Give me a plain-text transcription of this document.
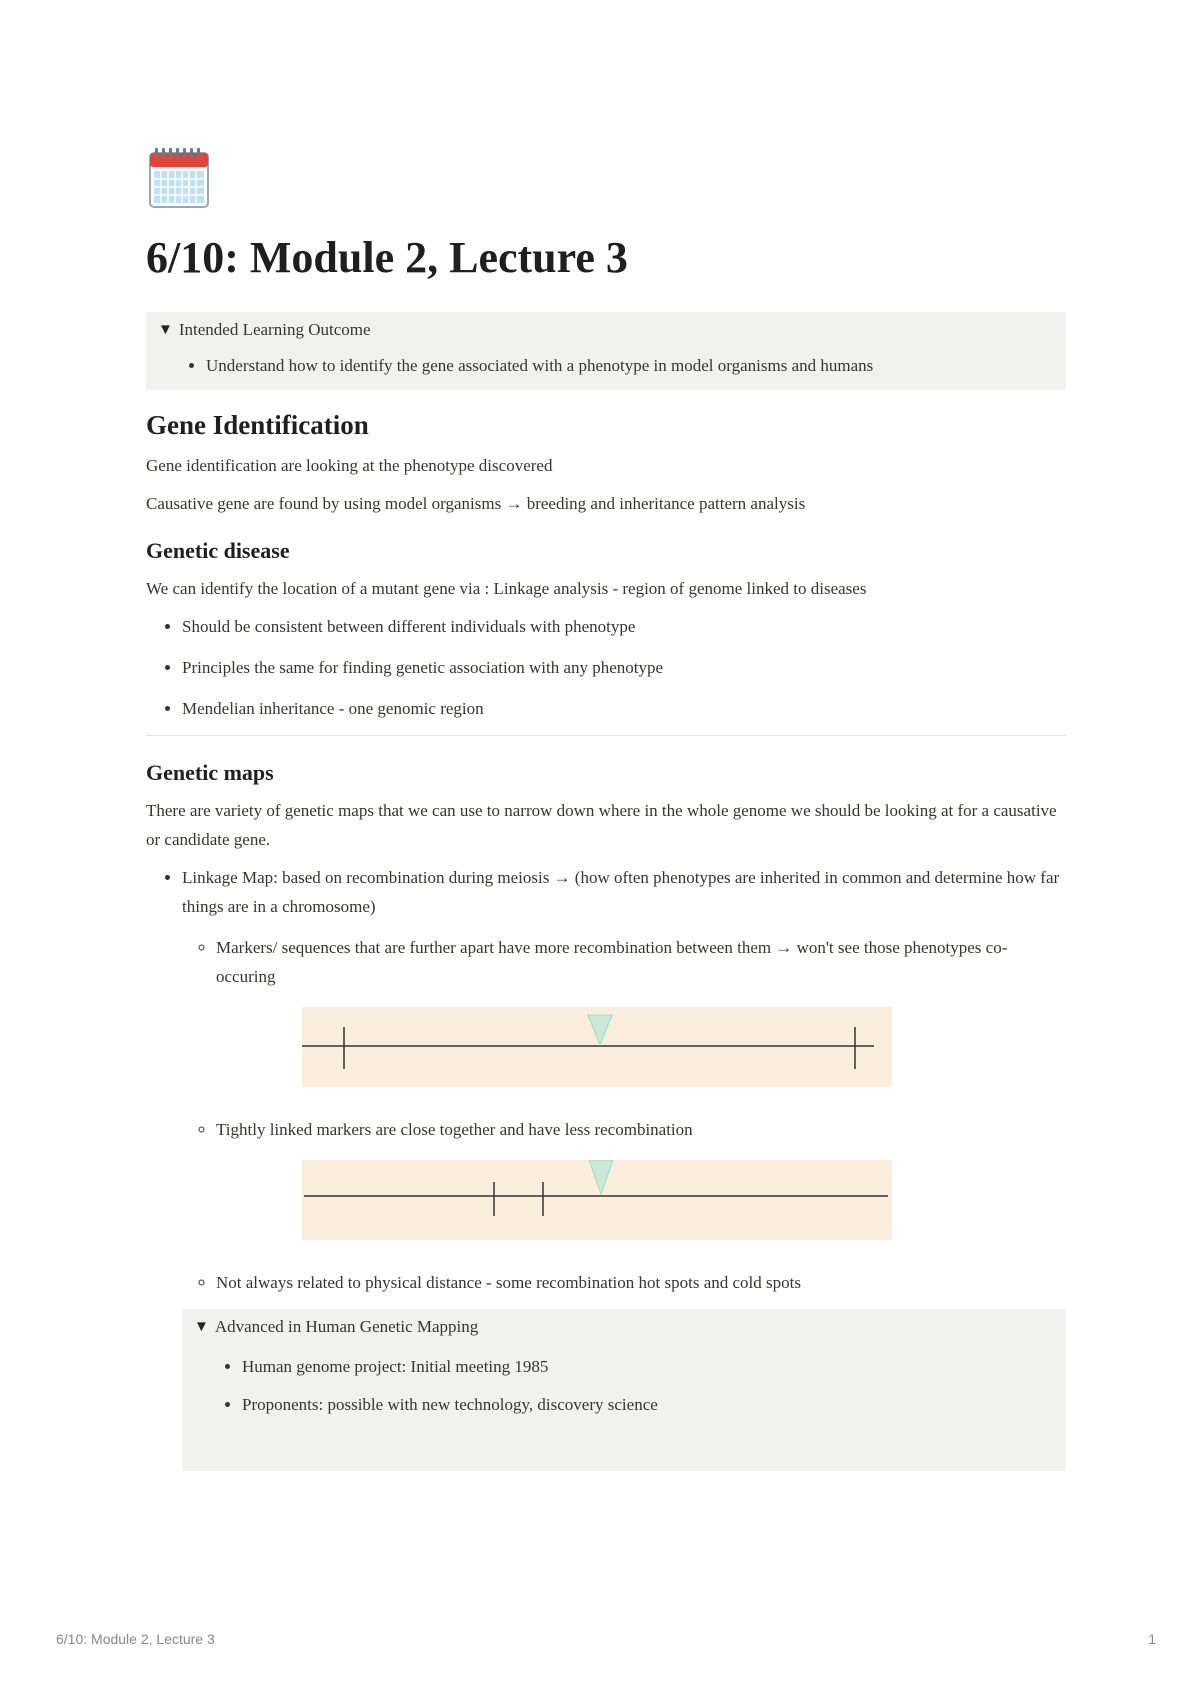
6/10: Module 2, Lecture 3
▼ Intended Learning Outcome
• Understand how to identify the gene associated with a phenotype in model organisms and humans
Gene Identification

Gene identification are looking at the phenotype discovered

Causative gene are found by using model organisms → breeding and inheritance pattern analysis

Genetic disease

We can identify the location of a mutant gene via : Linkage analysis - region of genome linked to diseases

• Should be consistent between different individuals with phenotype
• Principles the same for finding genetic association with any phenotype
• Mendelian inheritance - one genomic region
Genetic maps

There are variety of genetic maps that we can use to narrow down where in the whole genome we should be looking at for a causative or candidate gene.

• Linkage Map: based on recombination during meiosis → (how often phenotypes are inherited in common and determine how far things are in a chromosome)
◦ Markers/ sequences that are further apart have more recombination between them → won't see those phenotypes co-occuring
◦ Tightly linked markers are close together and have less recombination
◦ Not always related to physical distance - some recombination hot spots and cold spots
▼ Advanced in Human Genetic Mapping
• Human genome project: Initial meeting 1985
• Proponents: possible with new technology, discovery science
6/10: Module 2, Lecture 3	1
